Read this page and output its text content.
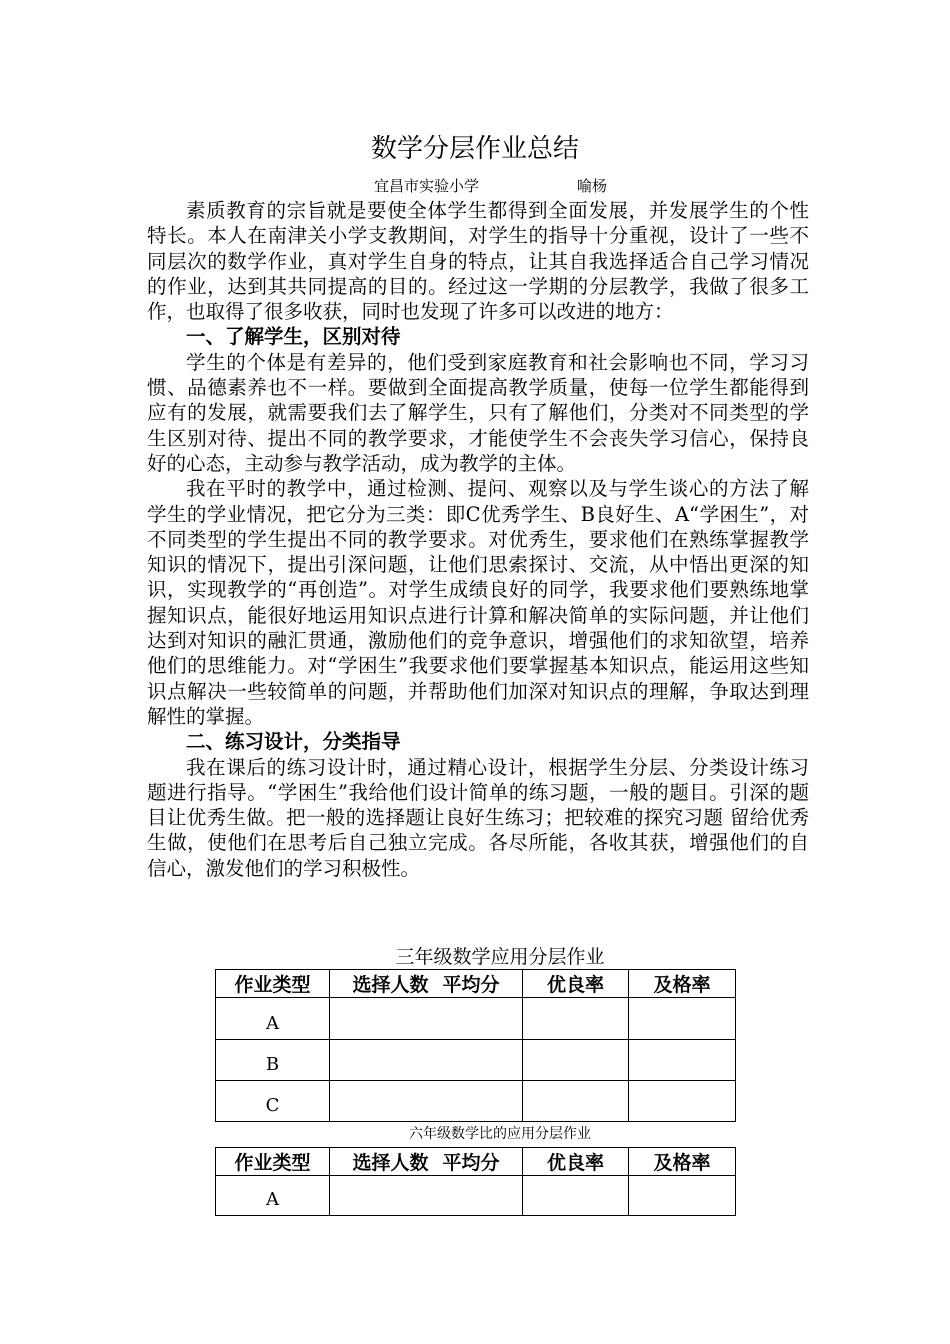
数学分层作业总结
宜昌市实验小学	喻杨

素质教育的宗旨就是要使全体学生都得到全面发展，并发展学生的个性特长。本人在南津关小学支教期间，对学生的指导十分重视，设计了一些不同层次的数学作业，真对学生自身的特点，让其自我选择适合自己学习情况的作业，达到其共同提高的目的。经过这一学期的分层教学，我做了很多工作，也取得了很多收获，同时也发现了许多可以改进的地方：

一、了解学生，区别对待

学生的个体是有差异的，他们受到家庭教育和社会影响也不同，学习习惯、品德素养也不一样。要做到全面提高教学质量，使每一位学生都能得到应有的发展，就需要我们去了解学生，只有了解他们，分类对不同类型的学生区别对待、提出不同的教学要求，才能使学生不会丧失学习信心，保持良好的心态，主动参与教学活动，成为教学的主体。

我在平时的教学中，通过检测、提问、观察以及与学生谈心的方法了解学生的学业情况，把它分为三类：即C优秀学生、B良好生、A“学困生”，对不同类型的学生提出不同的教学要求。对优秀生，要求他们在熟练掌握教学知识的情况下，提出引深问题，让他们思索探讨、交流，从中悟出更深的知识，实现教学的“再创造”。对学生成绩良好的同学，我要求他们要熟练地掌握知识点，能很好地运用知识点进行计算和解决简单的实际问题，并让他们达到对知识的融汇贯通，激励他们的竞争意识，增强他们的求知欲望，培养他们的思维能力。对“学困生”我要求他们要掌握基本知识点，能运用这些知识点解决一些较简单的问题，并帮助他们加深对知识点的理解，争取达到理解性的掌握。

二、练习设计，分类指导

我在课后的练习设计时，通过精心设计，根据学生分层、分类设计练习题进行指导。“学困生”我给他们设计简单的练习题，一般的题目。引深的题目让优秀生做。把一般的选择题让良好生练习；把较难的探究习题 留给优秀生做，使他们在思考后自己独立完成。各尽所能，各收其获，增强他们的自信心，激发他们的学习积极性。

三年级数学应用分层作业
作业类型	选择人数 平均分	优良率	及格率
A			
B			
C			
六年级数学比的应用分层作业
作业类型	选择人数 平均分	优良率	及格率
A			
